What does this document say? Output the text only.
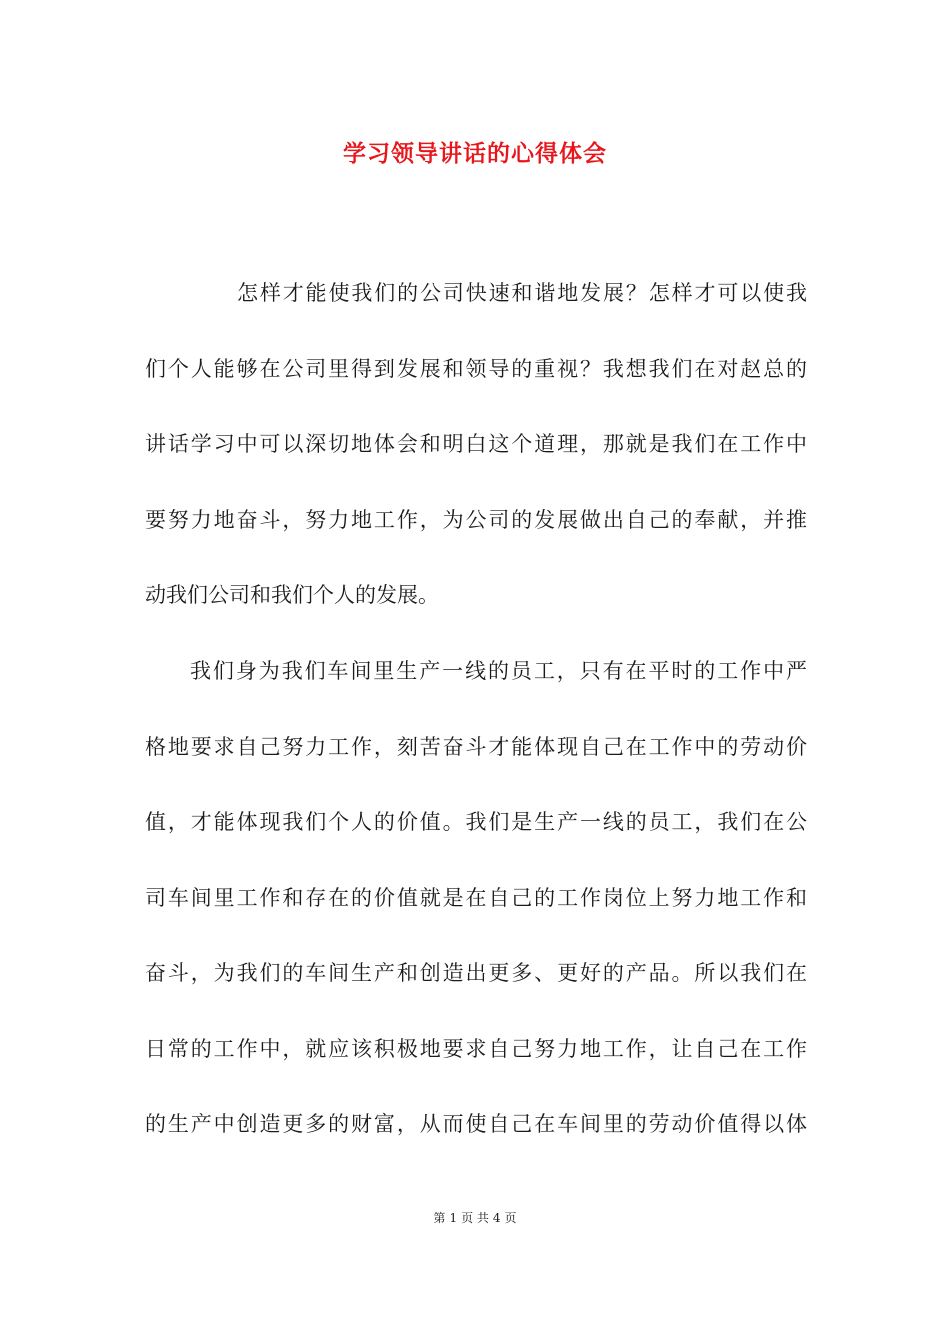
学习领导讲话的心得体会
怎样才能使我们的公司快速和谐地发展？怎样才可以使我
们个人能够在公司里得到发展和领导的重视？我想我们在对赵总的
讲话学习中可以深切地体会和明白这个道理，那就是我们在工作中
要努力地奋斗，努力地工作，为公司的发展做出自己的奉献，并推
动我们公司和我们个人的发展。
我们身为我们车间里生产一线的员工，只有在平时的工作中严
格地要求自己努力工作，刻苦奋斗才能体现自己在工作中的劳动价
值，才能体现我们个人的价值。我们是生产一线的员工，我们在公
司车间里工作和存在的价值就是在自己的工作岗位上努力地工作和
奋斗，为我们的车间生产和创造出更多、更好的产品。所以我们在
日常的工作中，就应该积极地要求自己努力地工作，让自己在工作
的生产中创造更多的财富，从而使自己在车间里的劳动价值得以体
第 1 页 共 4 页
